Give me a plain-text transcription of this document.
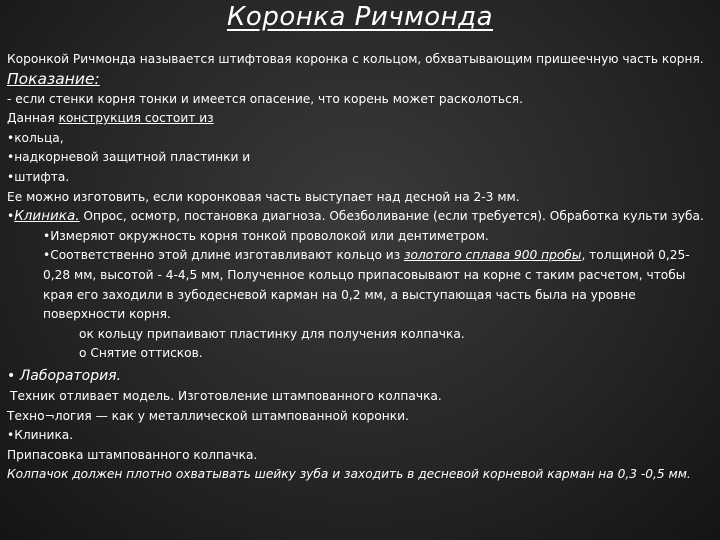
Коронка Ричмонда

Коронкой Ричмонда называется штифтовая коронка с кольцом, обхватывающим пришеечную часть корня.

Показание:

- если стенки корня тонки и имеется опасение, что корень может расколоться.

Данная конструкция состоит из

•кольца,

•надкорневой защитной пластинки и

•штифта.

Ее можно изготовить, если коронковая часть выступает над десной на 2-3 мм.

•Клиника. Опрос, осмотр, постановка диагноза. Обезболивание (если требуется). Обработка культи зуба.

•Измеряют окружность корня тонкой проволокой или дентиметром.

•Соответственно этой длине изготавливают кольцо из золотого сплава 900 пробы, толщиной 0,25-0,28 мм, высотой - 4-4,5 мм, Полученное кольцо припасовывают на корне с таким расчетом, чтобы края его заходили в зубодесневой карман на 0,2 мм, а выступающая часть была на уровне поверхности корня.

oк кольцу припаивают пластинку для получения колпачка.

o Снятие оттисков.

• Лаборатория.

Техник отливает модель. Изготовление штампованного колпачка.

Техно¬логия — как у металлической штампованной коронки.

•Клиника.

Припасовка штампованного колпачка.

Колпачок должен плотно охватывать шейку зуба и заходить в десневой корневой карман на 0,3 -0,5 мм.
